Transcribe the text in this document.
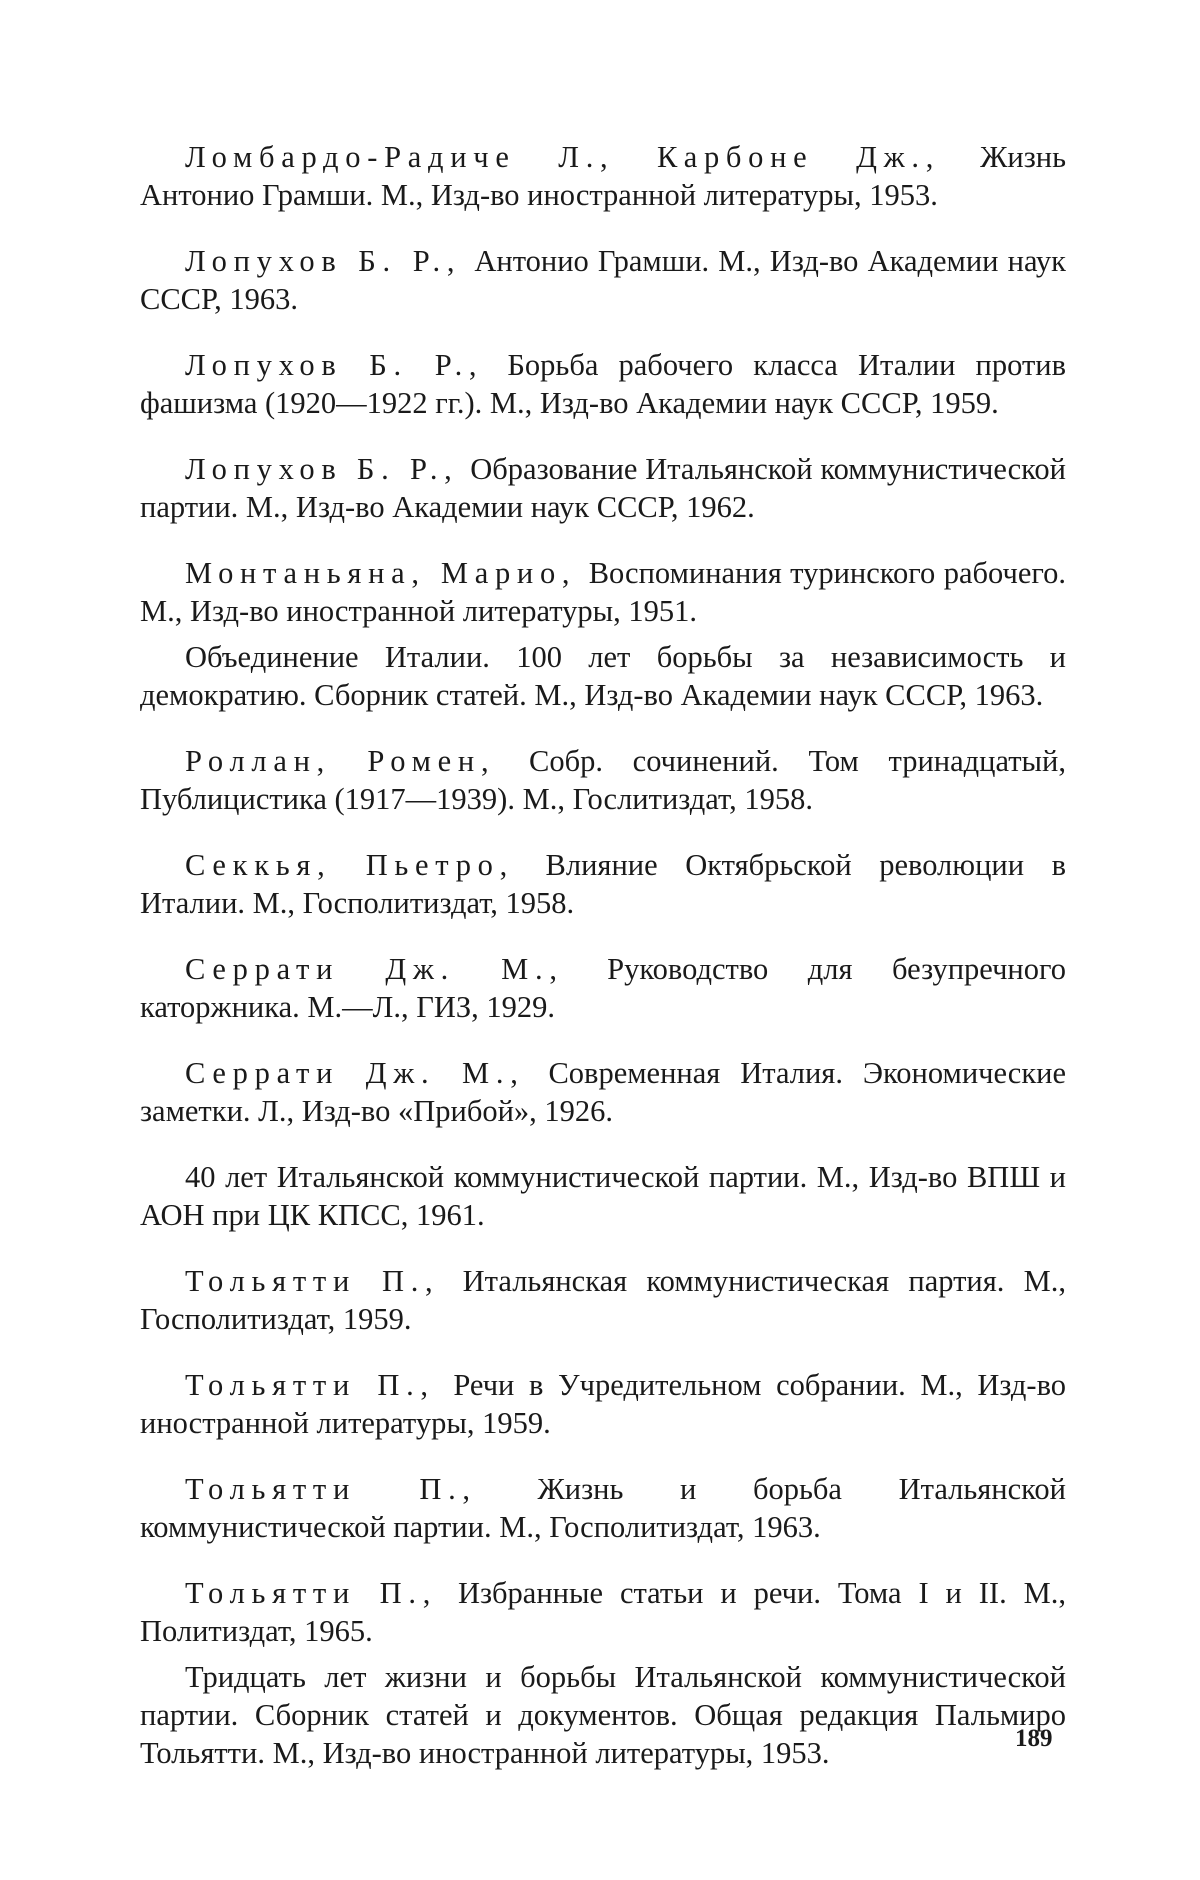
Ломбардо-Радиче Л., Карбоне Дж., Жизнь Антонио Грамши. М., Изд-во иностранной литературы, 1953.

Лопухов Б. Р., Антонио Грамши. М., Изд-во Академии наук СССР, 1963.

Лопухов Б. Р., Борьба рабочего класса Италии против фашизма (1920—1922 гг.). М., Изд-во Академии наук СССР, 1959.

Лопухов Б. Р., Образование Итальянской коммунистической партии. М., Изд-во Академии наук СССР, 1962.

Монтаньяна, Марио, Воспоминания туринского рабочего. М., Изд-во иностранной литературы, 1951.

Объединение Италии. 100 лет борьбы за независимость и демократию. Сборник статей. М., Изд-во Академии наук СССР, 1963.

Роллан, Ромен, Собр. сочинений. Том тринадцатый, Публицистика (1917—1939). М., Гослитиздат, 1958.

Секкья, Пьетро, Влияние Октябрьской революции в Италии. М., Госполитиздат, 1958.

Серрати Дж. М., Руководство для безупречного каторжника. М.—Л., ГИЗ, 1929.

Серрати Дж. М., Современная Италия. Экономические заметки. Л., Изд-во «Прибой», 1926.

40 лет Итальянской коммунистической партии. М., Изд-во ВПШ и АОН при ЦК КПСС, 1961.

Тольятти П., Итальянская коммунистическая партия. М., Госполитиздат, 1959.

Тольятти П., Речи в Учредительном собрании. М., Изд-во иностранной литературы, 1959.

Тольятти П., Жизнь и борьба Итальянской коммунистической партии. М., Госполитиздат, 1963.

Тольятти П., Избранные статьи и речи. Тома I и II. М., Политиздат, 1965.

Тридцать лет жизни и борьбы Итальянской коммунистической партии. Сборник статей и документов. Общая редакция Пальмиро Тольятти. М., Изд-во иностранной литературы, 1953.	189
